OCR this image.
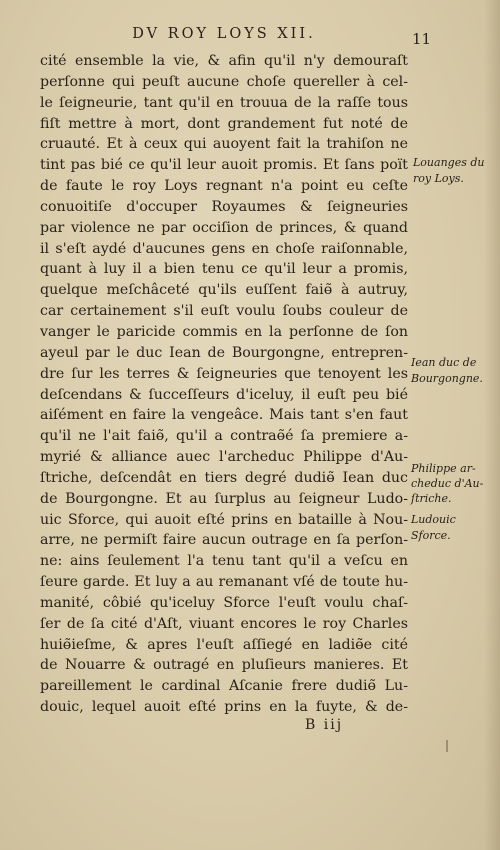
DV ROY LOYS XII.	11
cité ensemble la vie, & afin qu'il n'y demouraſt
perſonne qui peuſt aucune choſe quereller à cel-
le ſeigneurie, tant qu'il en trouua de la raſſe tous
fiſt mettre à mort, dont grandement fut noté de
cruauté. Et à ceux qui auoyent fait la trahiſon ne
tint pas bié ce qu'il leur auoit promis. Et ſans poït
de faute le roy Loys regnant n'a point eu ceſte
conuoitiſe d'occuper Royaumes & ſeigneuries
par violence ne par occiſion de princes, & quand
il s'eſt aydé d'aucunes gens en choſe raiſonnable,
quant à luy il a bien tenu ce qu'il leur a promis,
quelque meſchâceté qu'ils euſſent faiɵ̃ à autruy,
car certainement s'il euſt voulu ſoubs couleur de
vanger le paricide commis en la perſonne de ſon
ayeul par le duc Iean de Bourgongne, entrepren-
dre ſur les terres & ſeigneuries que tenoyent les
deſcendans & ſucceſſeurs d'iceluy, il euſt peu bié
aiſément en faire la vengeâce. Mais tant s'en faut
qu'il ne l'ait faiɵ̃, qu'il a contraɵ̃é ſa premiere a-
myrié & alliance auec l'archeduc Philippe d'Au-
ſtriche, deſcendât en tiers degré dudiɵ̃ Iean duc
de Bourgongne. Et au ſurplus au ſeigneur Ludo-
uic Sforce, qui auoit eſté prins en bataille à Nou-
arre, ne permiſt faire aucun outrage en ſa perſon-
ne: ains ſeulement l'a tenu tant qu'il a veſcu en
ſeure garde. Et luy a au remanant vſé de toute hu-
manité, côbié qu'iceluy Sforce l'euſt voulu chaſ-
ſer de ſa cité d'Aſt, viuant encores le roy Charles
huiɵ̃ieſme, & apres l'euſt aſſiegé en ladiɵ̃e cité
de Nouarre & outragé en pluſieurs manieres. Et
pareillement le cardinal Aſcanie frere dudiɵ̃ Lu-
douic, lequel auoit eſté prins en la fuyte, & de-
Louanges du
roy Loys.
Iean duc de
Bourgongne.
Philippe ar-
cheduc d'Au-
ſtriche.
Ludouic
Sforce.
B iij
